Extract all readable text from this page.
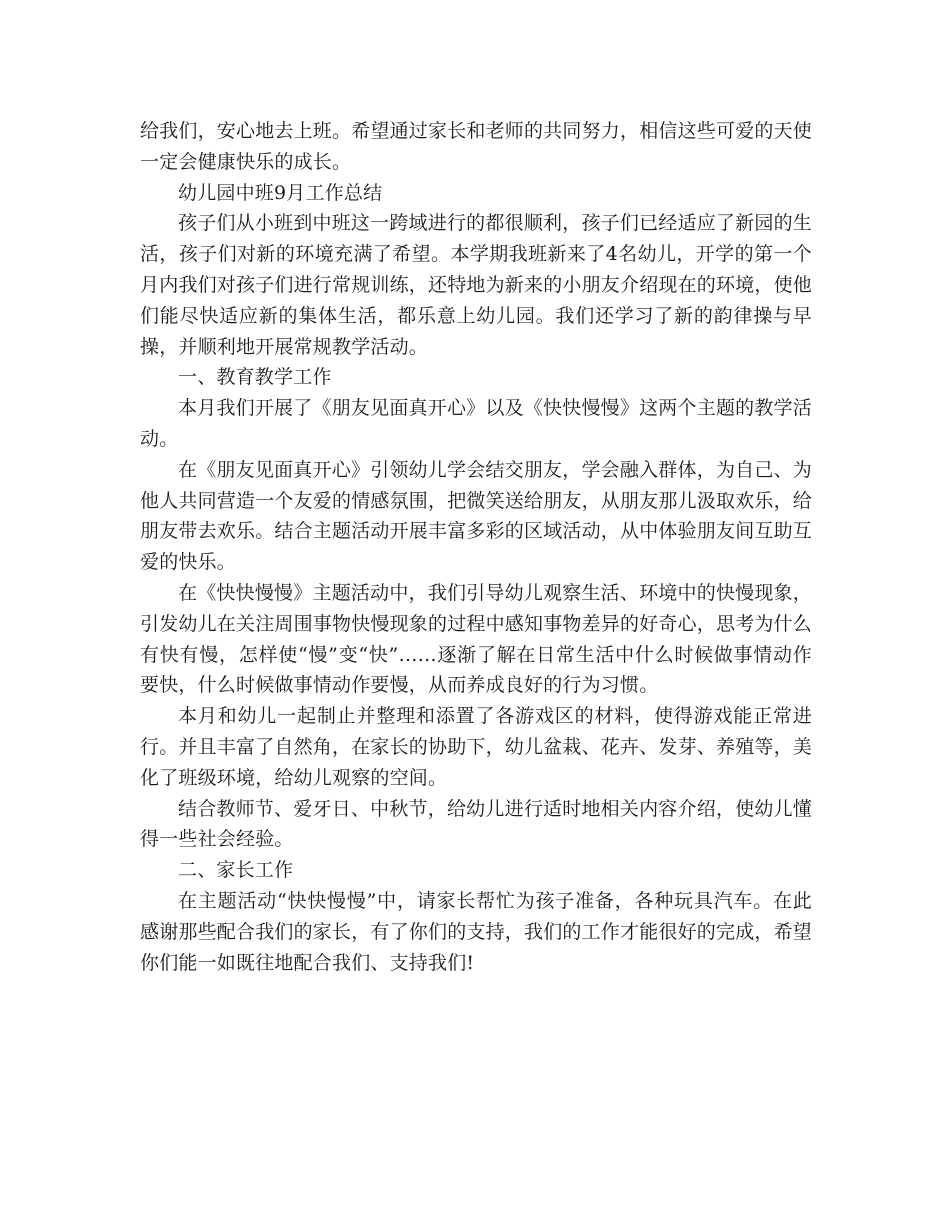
给我们，安心地去上班。希望通过家长和老师的共同努力，相信这些可爱的天使一定会健康快乐的成长。

幼儿园中班9月工作总结

孩子们从小班到中班这一跨域进行的都很顺利，孩子们已经适应了新园的生活，孩子们对新的环境充满了希望。本学期我班新来了4名幼儿，开学的第一个月内我们对孩子们进行常规训练，还特地为新来的小朋友介绍现在的环境，使他们能尽快适应新的集体生活，都乐意上幼儿园。我们还学习了新的韵律操与早操，并顺利地开展常规教学活动。

一、教育教学工作

本月我们开展了《朋友见面真开心》以及《快快慢慢》这两个主题的教学活动。

在《朋友见面真开心》引领幼儿学会结交朋友，学会融入群体，为自己、为他人共同营造一个友爱的情感氛围，把微笑送给朋友，从朋友那儿汲取欢乐，给朋友带去欢乐。结合主题活动开展丰富多彩的区域活动，从中体验朋友间互助互爱的快乐。

在《快快慢慢》主题活动中，我们引导幼儿观察生活、环境中的快慢现象，引发幼儿在关注周围事物快慢现象的过程中感知事物差异的好奇心，思考为什么有快有慢，怎样使“慢”变“快”……逐渐了解在日常生活中什么时候做事情动作要快，什么时候做事情动作要慢，从而养成良好的行为习惯。

本月和幼儿一起制止并整理和添置了各游戏区的材料，使得游戏能正常进行。并且丰富了自然角，在家长的协助下，幼儿盆栽、花卉、发芽、养殖等，美化了班级环境，给幼儿观察的空间。

结合教师节、爱牙日、中秋节，给幼儿进行适时地相关内容介绍，使幼儿懂得一些社会经验。

二、家长工作

在主题活动“快快慢慢”中，请家长帮忙为孩子准备，各种玩具汽车。在此感谢那些配合我们的家长，有了你们的支持，我们的工作才能很好的完成，希望你们能一如既往地配合我们、支持我们!
